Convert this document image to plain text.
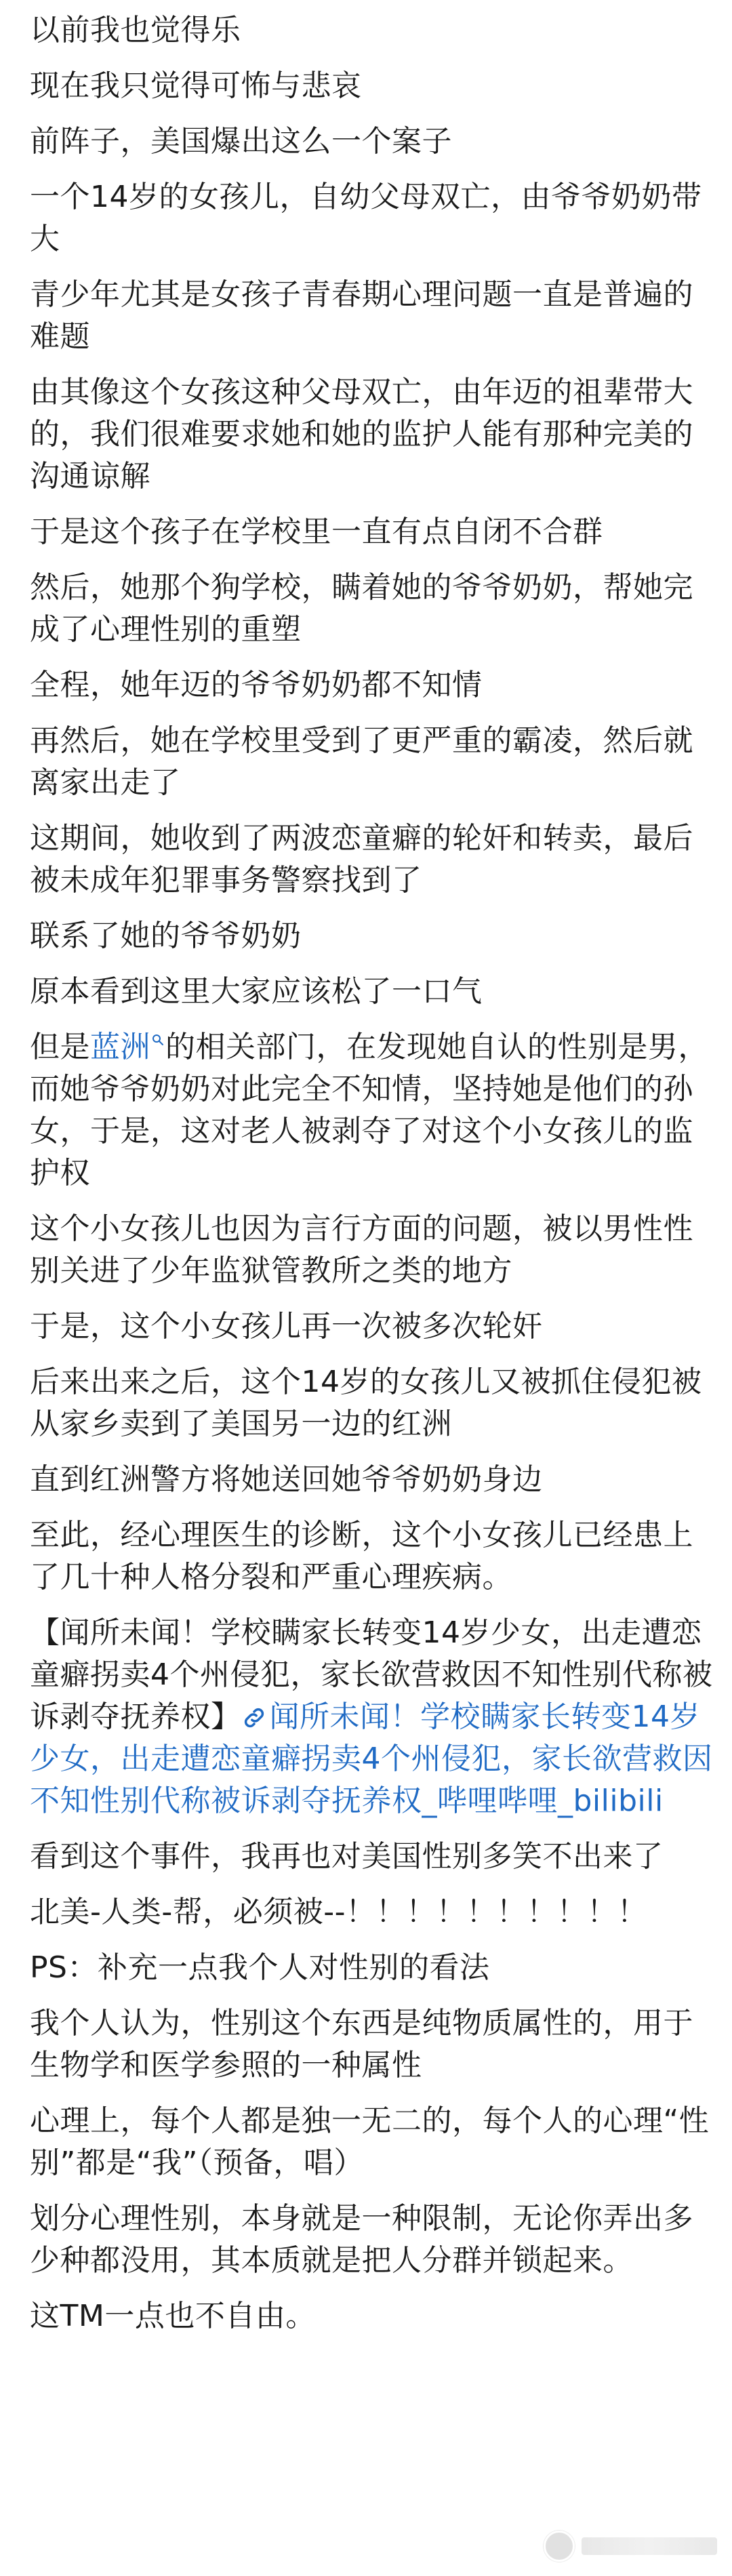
以前我也觉得乐

现在我只觉得可怖与悲哀

前阵子，美国爆出这么一个案子

一个14岁的女孩儿，自幼父母双亡，由爷爷奶奶带大

青少年尤其是女孩子青春期心理问题一直是普遍的难题

由其像这个女孩这种父母双亡，由年迈的祖辈带大的，我们很难要求她和她的监护人能有那种完美的沟通谅解

于是这个孩子在学校里一直有点自闭不合群

然后，她那个狗学校，瞒着她的爷爷奶奶，帮她完成了心理性别的重塑

全程，她年迈的爷爷奶奶都不知情

再然后，她在学校里受到了更严重的霸凌，然后就离家出走了

这期间，她收到了两波恋童癖的轮奸和转卖，最后被未成年犯罪事务警察找到了

联系了她的爷爷奶奶

原本看到这里大家应该松了一口气

但是蓝洲 的相关部门，在发现她自认的性别是男，而她爷爷奶奶对此完全不知情，坚持她是他们的孙女，于是，这对老人被剥夺了对这个小女孩儿的监护权

这个小女孩儿也因为言行方面的问题，被以男性性别关进了少年监狱管教所之类的地方

于是，这个小女孩儿再一次被多次轮奸

后来出来之后，这个14岁的女孩儿又被抓住侵犯被从家乡卖到了美国另一边的红洲

直到红洲警方将她送回她爷爷奶奶身边

至此，经心理医生的诊断，这个小女孩儿已经患上了几十种人格分裂和严重心理疾病。

【闻所未闻！学校瞒家长转变14岁少女，出走遭恋童癖拐卖4个州侵犯，家长欲营救因不知性别代称被诉剥夺抚养权】 闻所未闻！学校瞒家长转变14岁少女，出走遭恋童癖拐卖4个州侵犯，家长欲营救因不知性别代称被诉剥夺抚养权_哔哩哔哩_bilibili

看到这个事件，我再也对美国性别多笑不出来了

北美-人类-帮，必须被--！！！！！！！！！！

PS：补充一点我个人对性别的看法

我个人认为，性别这个东西是纯物质属性的，用于生物学和医学参照的一种属性

心理上，每个人都是独一无二的，每个人的心理“性别”都是“我”（预备，唱）

划分心理性别，本身就是一种限制，无论你弄出多少种都没用，其本质就是把人分群并锁起来。

这TM一点也不自由。
